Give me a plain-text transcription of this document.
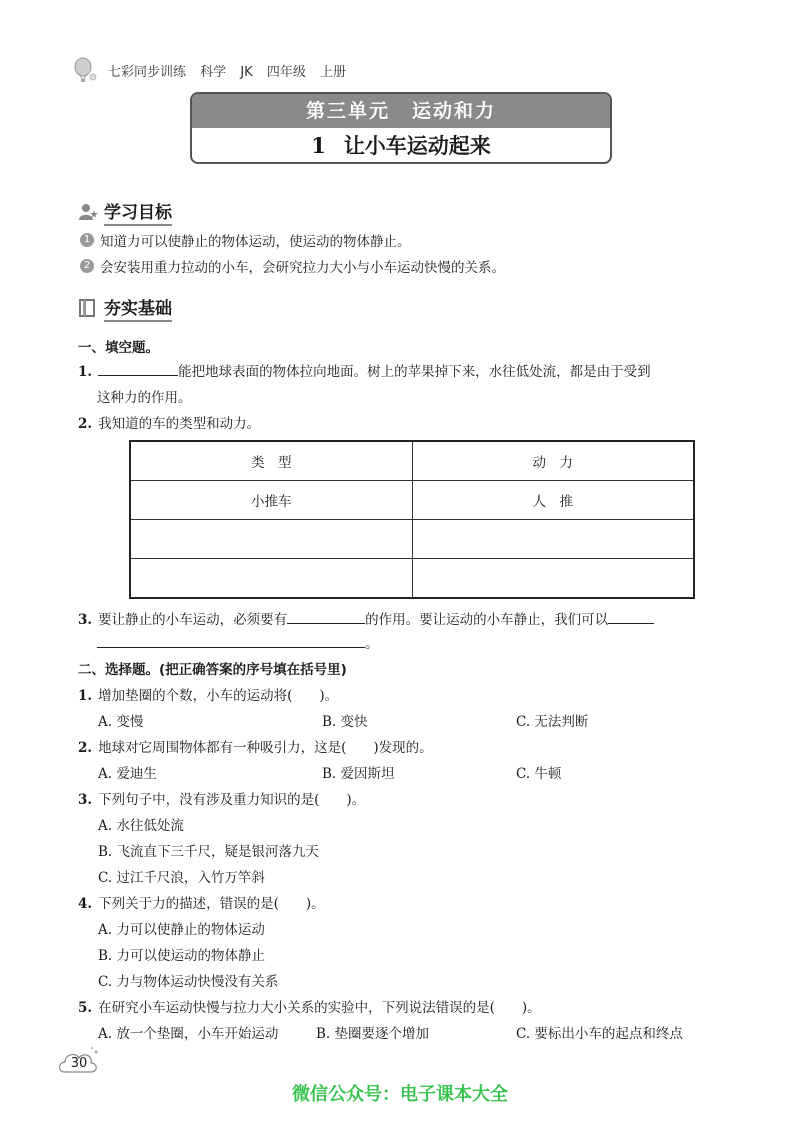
七彩同步训练 科学 JK 四年级 上册
第三单元 运动和力
1 让小车运动起来
学习目标
1 知道力可以使静止的物体运动，使运动的物体静止。
2 会安装用重力拉动的小车，会研究拉力大小与小车运动快慢的关系。
夯实基础
一、填空题。
1.	能把地球表面的物体拉向地面。树上的苹果掉下来，水往低处流，都是由于受到
这种力的作用。
2. 我知道的车的类型和动力。
类　型	动　力
小推车	人　推

3. 要让静止的小车运动，必须要有	的作用。要让运动的小车静止，我们可以
。
二、选择题。(把正确答案的序号填在括号里)
1. 增加垫圈的个数，小车的运动将(　　)。
A. 变慢	B. 变快	C. 无法判断
2. 地球对它周围物体都有一种吸引力，这是(　　)发现的。
A. 爱迪生	B. 爱因斯坦	C. 牛顿
3. 下列句子中，没有涉及重力知识的是(　　)。
A. 水往低处流
B. 飞流直下三千尺，疑是银河落九天
C. 过江千尺浪，入竹万竿斜
4. 下列关于力的描述，错误的是(　　)。
A. 力可以使静止的物体运动
B. 力可以使运动的物体静止
C. 力与物体运动快慢没有关系
5. 在研究小车运动快慢与拉力大小关系的实验中，下列说法错误的是(　　)。
A. 放一个垫圈，小车开始运动	B. 垫圈要逐个增加	C. 要标出小车的起点和终点
30
微信公众号：电子课本大全
